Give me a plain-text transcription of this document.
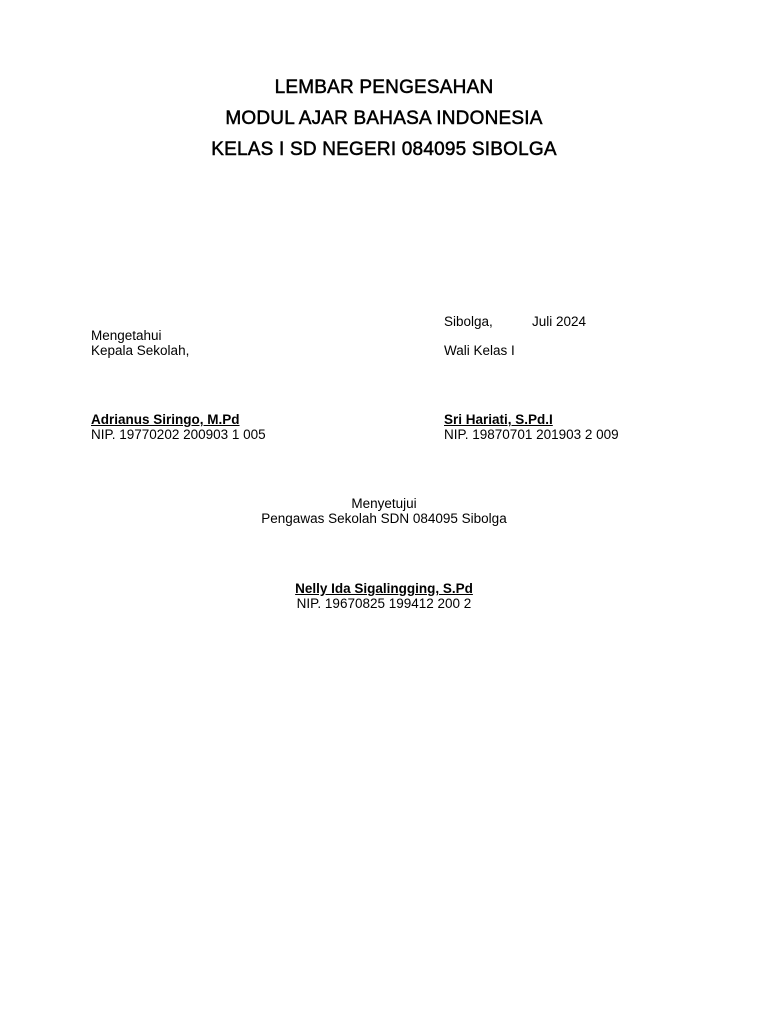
LEMBAR PENGESAHAN

MODUL AJAR BAHASA INDONESIA

KELAS I SD NEGERI 084095 SIBOLGA

Sibolga,	Juli 2024
Mengetahui
Kepala Sekolah,	Wali Kelas I
Adrianus Siringo, M.Pd
NIP. 19770202 200903 1 005
Sri Hariati, S.Pd.I
NIP. 19870701 201903 2 009
Menyetujui
Pengawas Sekolah SDN 084095 Sibolga
Nelly Ida Sigalingging, S.Pd
NIP. 19670825 199412 200 2
